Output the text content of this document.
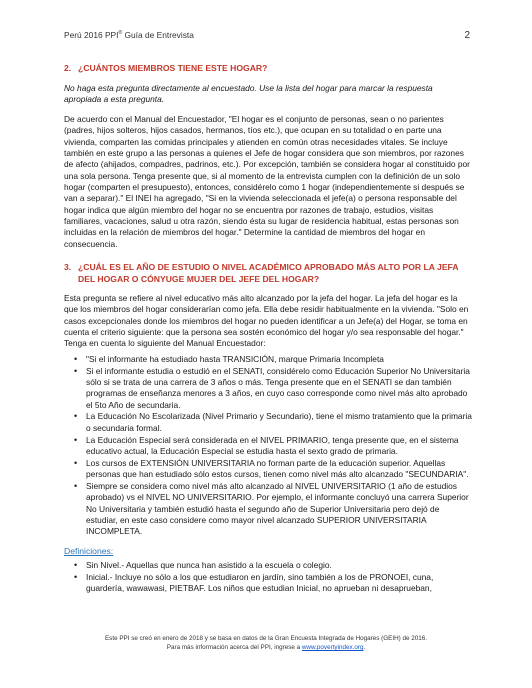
Perú 2016 PPI® Guía de Entrevista	2
2. ¿CUÁNTOS MIEMBROS TIENE ESTE HOGAR?
No haga esta pregunta directamente al encuestado. Use la lista del hogar para marcar la respuesta apropiada a esta pregunta.
De acuerdo con el Manual del Encuestador, "El hogar es el conjunto de personas, sean o no parientes (padres, hijos solteros, hijos casados, hermanos, tíos etc.), que ocupan en su totalidad o en parte una vivienda, comparten las comidas principales y atienden en común otras necesidades vitales. Se incluye también en este grupo a las personas a quienes el Jefe de hogar considera que son miembros, por razones de afecto (ahijados, compadres, padrinos, etc.). Por excepción, también se considera hogar al constituido por una sola persona. Tenga presente que, si al momento de la entrevista cumplen con la definición de un solo hogar (comparten el presupuesto), entonces, considérelo como 1 hogar (independientemente si después se van a separar)." El INEI ha agregado, "Si en la vivienda seleccionada el jefe(a) o persona responsable del hogar indica que algún miembro del hogar no se encuentra por razones de trabajo, estudios, visitas familiares, vacaciones, salud u otra razón, siendo ésta su lugar de residencia habitual, estas personas son incluidas en la relación de miembros del hogar." Determine la cantidad de miembros del hogar en consecuencia.
3. ¿CUÁL ES EL AÑO DE ESTUDIO O NIVEL ACADÉMICO APROBADO MÁS ALTO POR LA JEFA DEL HOGAR O CÓNYUGE MUJER DEL JEFE DEL HOGAR?
Esta pregunta se refiere al nivel educativo más alto alcanzado por la jefa del hogar. La jefa del hogar es la que los miembros del hogar considerarían como jefa. Ella debe residir habitualmente en la vivienda. "Solo en casos excepcionales donde los miembros del hogar no pueden identificar a un Jefe(a) del Hogar, se toma en cuenta el criterio siguiente: que la persona sea sostén económico del hogar y/o sea responsable del hogar." Tenga en cuenta lo siguiente del Manual Encuestador:
• "Si el informante ha estudiado hasta TRANSICIÓN, marque Primaria Incompleta
• Si el informante estudia o estudió en el SENATI, considérelo como Educación Superior No Universitaria sólo si se trata de una carrera de 3 años o más. Tenga presente que en el SENATI se dan también programas de enseñanza menores a 3 años, en cuyo caso corresponde como nivel más alto aprobado el 5to Año de secundaria.
• La Educación No Escolarizada (Nivel Primario y Secundario), tiene el mismo tratamiento que la primaria o secundaria formal.
• La Educación Especial será considerada en el NIVEL PRIMARIO, tenga presente que, en el sistema educativo actual, la Educación Especial se estudia hasta el sexto grado de primaria.
• Los cursos de EXTENSIÓN UNIVERSITARIA no forman parte de la educación superior. Aquellas personas que han estudiado sólo estos cursos, tienen como nivel más alto alcanzado "SECUNDARIA".
• Siempre se considera como nivel más alto alcanzado al NIVEL UNIVERSITARIO (1 año de estudios aprobado) vs el NIVEL NO UNIVERSITARIO. Por ejemplo, el informante concluyó una carrera Superior No Universitaria y también estudió hasta el segundo año de Superior Universitaria pero dejó de estudiar, en este caso considere como mayor nivel alcanzado SUPERIOR UNIVERSITARIA INCOMPLETA.
Definiciones:
• Sin Nivel.- Aquellas que nunca han asistido a la escuela o colegio.
• Inicial.- Incluye no sólo a los que estudiaron en jardín, sino también a los de PRONOEI, cuna, guardería, wawawasi, PIETBAF. Los niños que estudian Inicial, no aprueban ni desaprueban,
Este PPI se creó en enero de 2018 y se basa en datos de la Gran Encuesta Integrada de Hogares (GEIH) de 2016.
Para más información acerca del PPI, ingrese a www.povertyindex.org.
